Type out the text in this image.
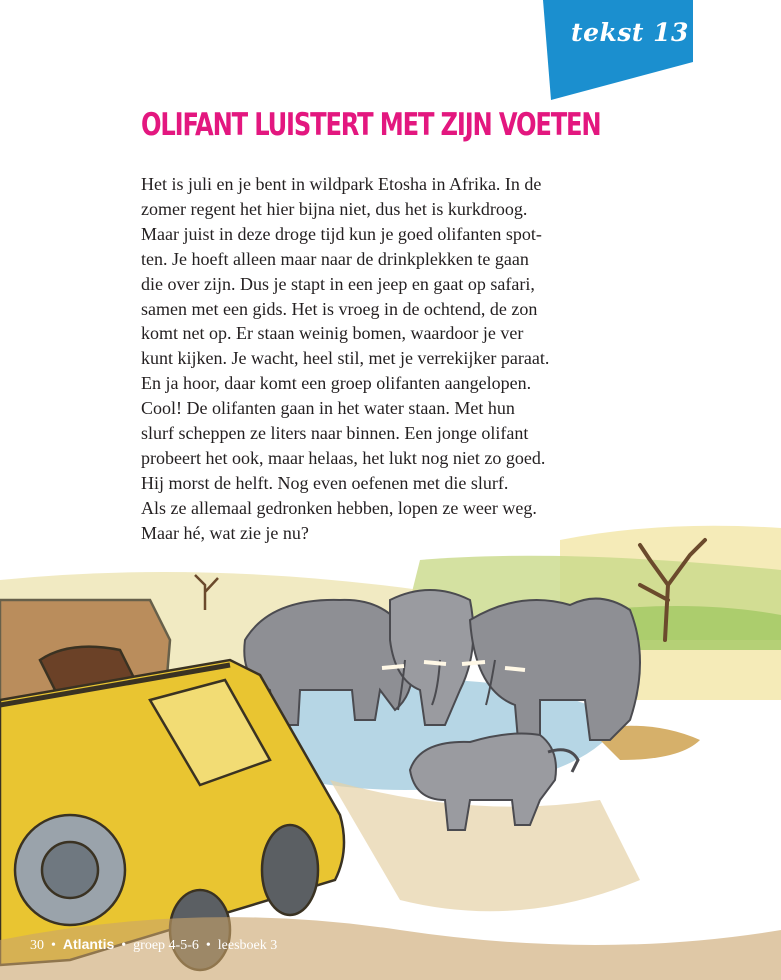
tekst 13
OLIFANT LUISTERT MET ZIJN VOETEN
Het is juli en je bent in wildpark Etosha in Afrika. In de
zomer regent het hier bijna niet, dus het is kurkdroog.
Maar juist in deze droge tijd kun je goed olifanten spot-
ten. Je hoeft alleen maar naar de drinkplekken te gaan
die over zijn. Dus je stapt in een jeep en gaat op safari,
samen met een gids. Het is vroeg in de ochtend, de zon
komt net op. Er staan weinig bomen, waardoor je ver
kunt kijken. Je wacht, heel stil, met je verrekijker paraat.
En ja hoor, daar komt een groep olifanten aangelopen.
Cool! De olifanten gaan in het water staan. Met hun
slurf scheppen ze liters naar binnen. Een jonge olifant
probeert het ook, maar helaas, het lukt nog niet zo goed.
Hij morst de helft. Nog even oefenen met die slurf.
Als ze allemaal gedronken hebben, lopen ze weer weg.
Maar hé, wat zie je nu?
30 • Atlantis • groep 4-5-6 • leesboek 3
